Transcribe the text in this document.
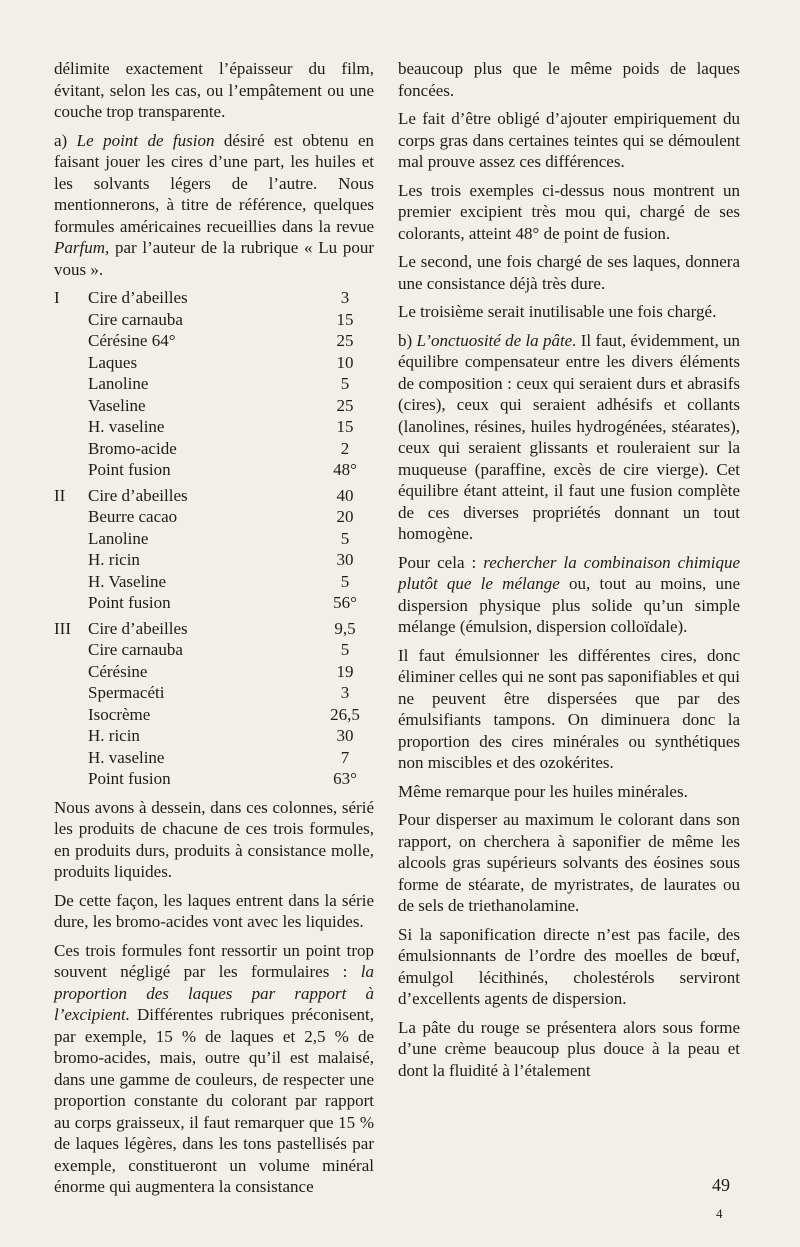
délimite exactement l’épaisseur du film, évitant, selon les cas, ou l’empâtement ou une couche trop transparente.

a) Le point de fusion désiré est obtenu en faisant jouer les cires d’une part, les huiles et les solvants légers de l’autre. Nous mentionnerons, à titre de référence, quelques formules américaines recueillies dans la revue Parfum, par l’auteur de la rubrique « Lu pour vous ».

I	Cire d’abeilles	3
Cire carnauba	15
Cérésine 64°	25
Laques	10
Lanoline	5
Vaseline	25
H. vaseline	15
Bromo-acide	2
Point fusion	48°
II	Cire d’abeilles	40
Beurre cacao	20
Lanoline	5
H. ricin	30
H. Vaseline	5
Point fusion	56°
III	Cire d’abeilles	9,5
Cire carnauba	5
Cérésine	19
Spermacéti	3
Isocrème	26,5
H. ricin	30
H. vaseline	7
Point fusion	63°

Nous avons à dessein, dans ces colonnes, sérié les produits de chacune de ces trois formules, en produits durs, produits à consistance molle, produits liquides.

De cette façon, les laques entrent dans la série dure, les bromo-acides vont avec les liquides.

Ces trois formules font ressortir un point trop souvent négligé par les formulaires : la proportion des laques par rapport à l’excipient. Différentes rubriques préconisent, par exemple, 15 % de laques et 2,5 % de bromo-acides, mais, outre qu’il est malaisé, dans une gamme de couleurs, de respecter une proportion constante du colorant par rapport au corps graisseux, il faut remarquer que 15 % de laques légères, dans les tons pastellisés par exemple, constitueront un volume minéral énorme qui augmentera la consistance

beaucoup plus que le même poids de laques foncées.

Le fait d’être obligé d’ajouter empiriquement du corps gras dans certaines teintes qui se démoulent mal prouve assez ces différences.

Les trois exemples ci-dessus nous montrent un premier excipient très mou qui, chargé de ses colorants, atteint 48° de point de fusion.

Le second, une fois chargé de ses laques, donnera une consistance déjà très dure.

Le troisième serait inutilisable une fois chargé.

b) L’onctuosité de la pâte. Il faut, évidemment, un équilibre compensateur entre les divers éléments de composition : ceux qui seraient durs et abrasifs (cires), ceux qui seraient adhésifs et collants (lanolines, résines, huiles hydrogénées, stéarates), ceux qui seraient glissants et rouleraient sur la muqueuse (paraffine, excès de cire vierge). Cet équilibre étant atteint, il faut une fusion complète de ces diverses propriétés donnant un tout homogène.

Pour cela : rechercher la combinaison chimique plutôt que le mélange ou, tout au moins, une dispersion physique plus solide qu’un simple mélange (émulsion, dispersion colloïdale).

Il faut émulsionner les différentes cires, donc éliminer celles qui ne sont pas saponifiables et qui ne peuvent être dispersées que par des émulsifiants tampons. On diminuera donc la proportion des cires minérales ou synthétiques non miscibles et des ozokérites.

Même remarque pour les huiles minérales.

Pour disperser au maximum le colorant dans son rapport, on cherchera à saponifier de même les alcools gras supérieurs solvants des éosines sous forme de stéarate, de myristrates, de laurates ou de sels de triethanolamine.

Si la saponification directe n’est pas facile, des émulsionnants de l’ordre des moelles de bœuf, émulgol lécithinés, cholestérols serviront d’excellents agents de dispersion.

La pâte du rouge se présentera alors sous forme d’une crème beaucoup plus douce à la peau et dont la fluidité à l’étalement

49
4
